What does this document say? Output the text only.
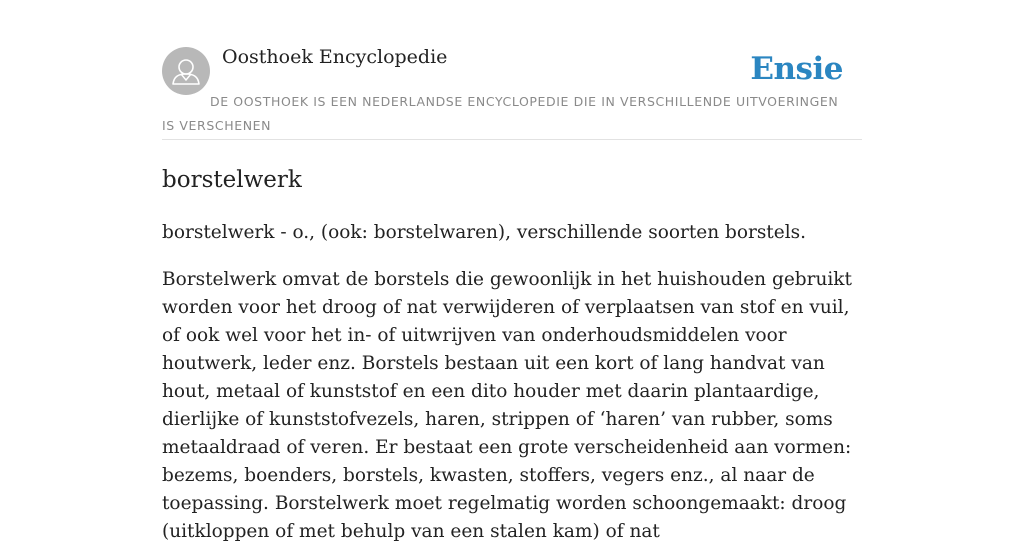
Oosthoek Encyclopedie	Ensie
DE OOSTHOEK IS EEN NEDERLANDSE ENCYCLOPEDIE DIE IN VERSCHILLENDE UITVOERINGEN IS VERSCHENEN
borstelwerk

borstelwerk - o., (ook: borstelwaren), verschillende soorten borstels.

Borstelwerk omvat de borstels die gewoonlijk in het huishouden gebruikt worden voor het droog of nat verwijderen of verplaatsen van stof en vuil, of ook wel voor het in- of uitwrijven van onderhoudsmiddelen voor houtwerk, leder enz. Borstels bestaan uit een kort of lang handvat van hout, metaal of kunststof en een dito houder met daarin plantaardige, dierlijke of kunststofvezels, haren, strippen of ‘haren’ van rubber, soms metaaldraad of veren. Er bestaat een grote verscheidenheid aan vormen: bezems, boenders, borstels, kwasten, stoffers, vegers enz., al naar de toepassing. Borstelwerk moet regelmatig worden schoongemaakt: droog (uitkloppen of met behulp van een stalen kam) of nat
